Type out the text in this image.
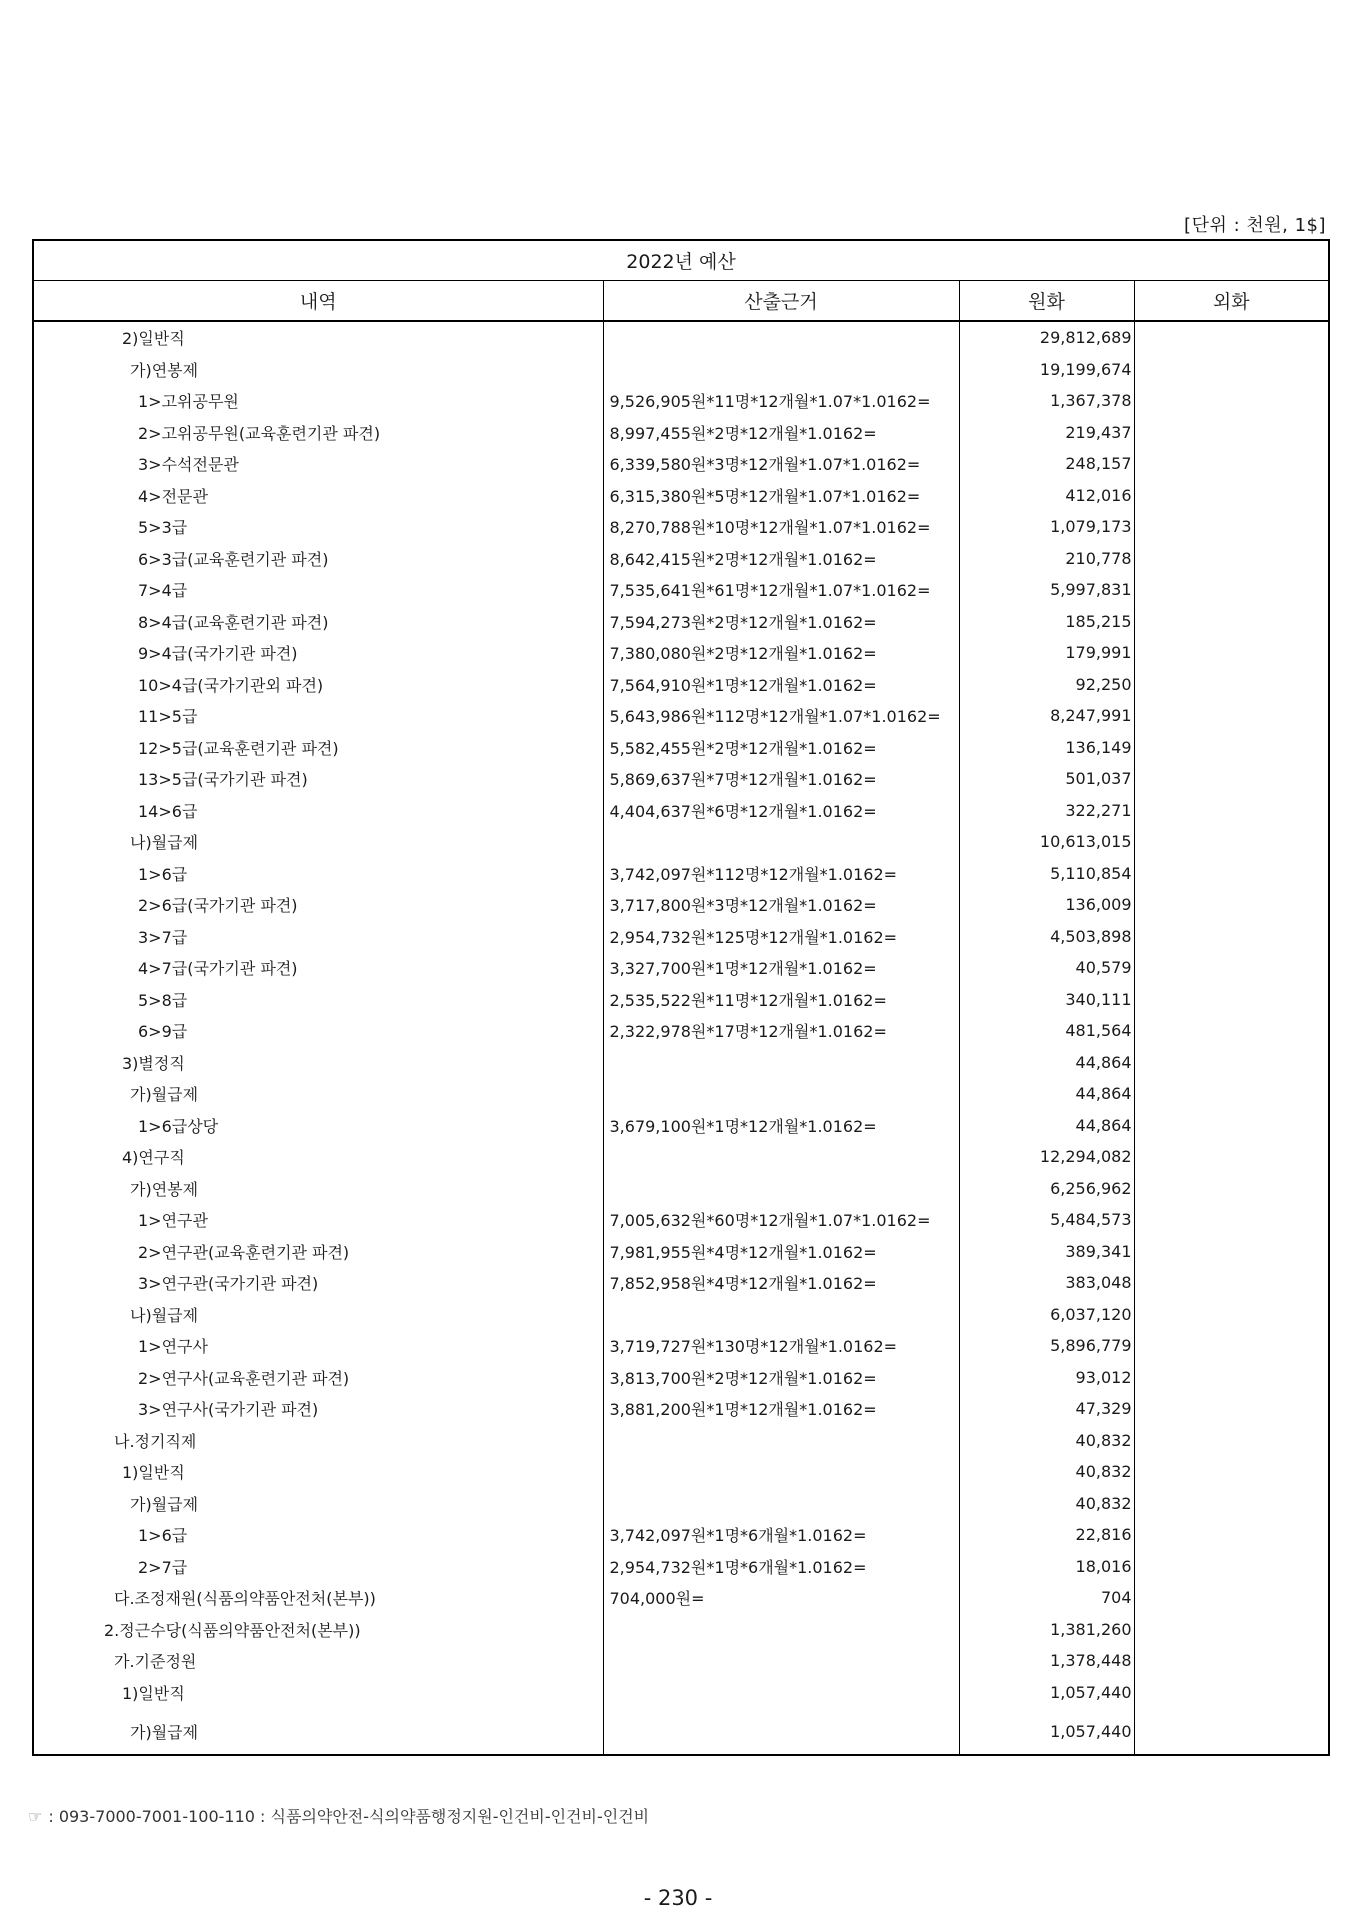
[단위 : 천원, 1$]
2022년 예산			
내역	산출근거	원화	외화
2)일반직		29,812,689	
가)연봉제		19,199,674	
1>고위공무원	9,526,905원*11명*12개월*1.07*1.0162=	1,367,378	
2>고위공무원(교육훈련기관 파견)	8,997,455원*2명*12개월*1.0162=	219,437	
3>수석전문관	6,339,580원*3명*12개월*1.07*1.0162=	248,157	
4>전문관	6,315,380원*5명*12개월*1.07*1.0162=	412,016	
5>3급	8,270,788원*10명*12개월*1.07*1.0162=	1,079,173	
6>3급(교육훈련기관 파견)	8,642,415원*2명*12개월*1.0162=	210,778	
7>4급	7,535,641원*61명*12개월*1.07*1.0162=	5,997,831	
8>4급(교육훈련기관 파견)	7,594,273원*2명*12개월*1.0162=	185,215	
9>4급(국가기관 파견)	7,380,080원*2명*12개월*1.0162=	179,991	
10>4급(국가기관외 파견)	7,564,910원*1명*12개월*1.0162=	92,250	
11>5급	5,643,986원*112명*12개월*1.07*1.0162=	8,247,991	
12>5급(교육훈련기관 파견)	5,582,455원*2명*12개월*1.0162=	136,149	
13>5급(국가기관 파견)	5,869,637원*7명*12개월*1.0162=	501,037	
14>6급	4,404,637원*6명*12개월*1.0162=	322,271	
나)월급제		10,613,015	
1>6급	3,742,097원*112명*12개월*1.0162=	5,110,854	
2>6급(국가기관 파견)	3,717,800원*3명*12개월*1.0162=	136,009	
3>7급	2,954,732원*125명*12개월*1.0162=	4,503,898	
4>7급(국가기관 파견)	3,327,700원*1명*12개월*1.0162=	40,579	
5>8급	2,535,522원*11명*12개월*1.0162=	340,111	
6>9급	2,322,978원*17명*12개월*1.0162=	481,564	
3)별정직		44,864	
가)월급제		44,864	
1>6급상당	3,679,100원*1명*12개월*1.0162=	44,864	
4)연구직		12,294,082	
가)연봉제		6,256,962	
1>연구관	7,005,632원*60명*12개월*1.07*1.0162=	5,484,573	
2>연구관(교육훈련기관 파견)	7,981,955원*4명*12개월*1.0162=	389,341	
3>연구관(국가기관 파견)	7,852,958원*4명*12개월*1.0162=	383,048	
나)월급제		6,037,120	
1>연구사	3,719,727원*130명*12개월*1.0162=	5,896,779	
2>연구사(교육훈련기관 파견)	3,813,700원*2명*12개월*1.0162=	93,012	
3>연구사(국가기관 파견)	3,881,200원*1명*12개월*1.0162=	47,329	
나.정기직제		40,832	
1)일반직		40,832	
가)월급제		40,832	
1>6급	3,742,097원*1명*6개월*1.0162=	22,816	
2>7급	2,954,732원*1명*6개월*1.0162=	18,016	
다.조정재원(식품의약품안전처(본부))	704,000원=	704	
2.정근수당(식품의약품안전처(본부))		1,381,260	
가.기준정원		1,378,448	
1)일반직		1,057,440	
가)월급제		1,057,440	
☞ : 093-7000-7001-100-110 : 식품의약안전-식의약품행정지원-인건비-인건비-인건비
- 230 -
